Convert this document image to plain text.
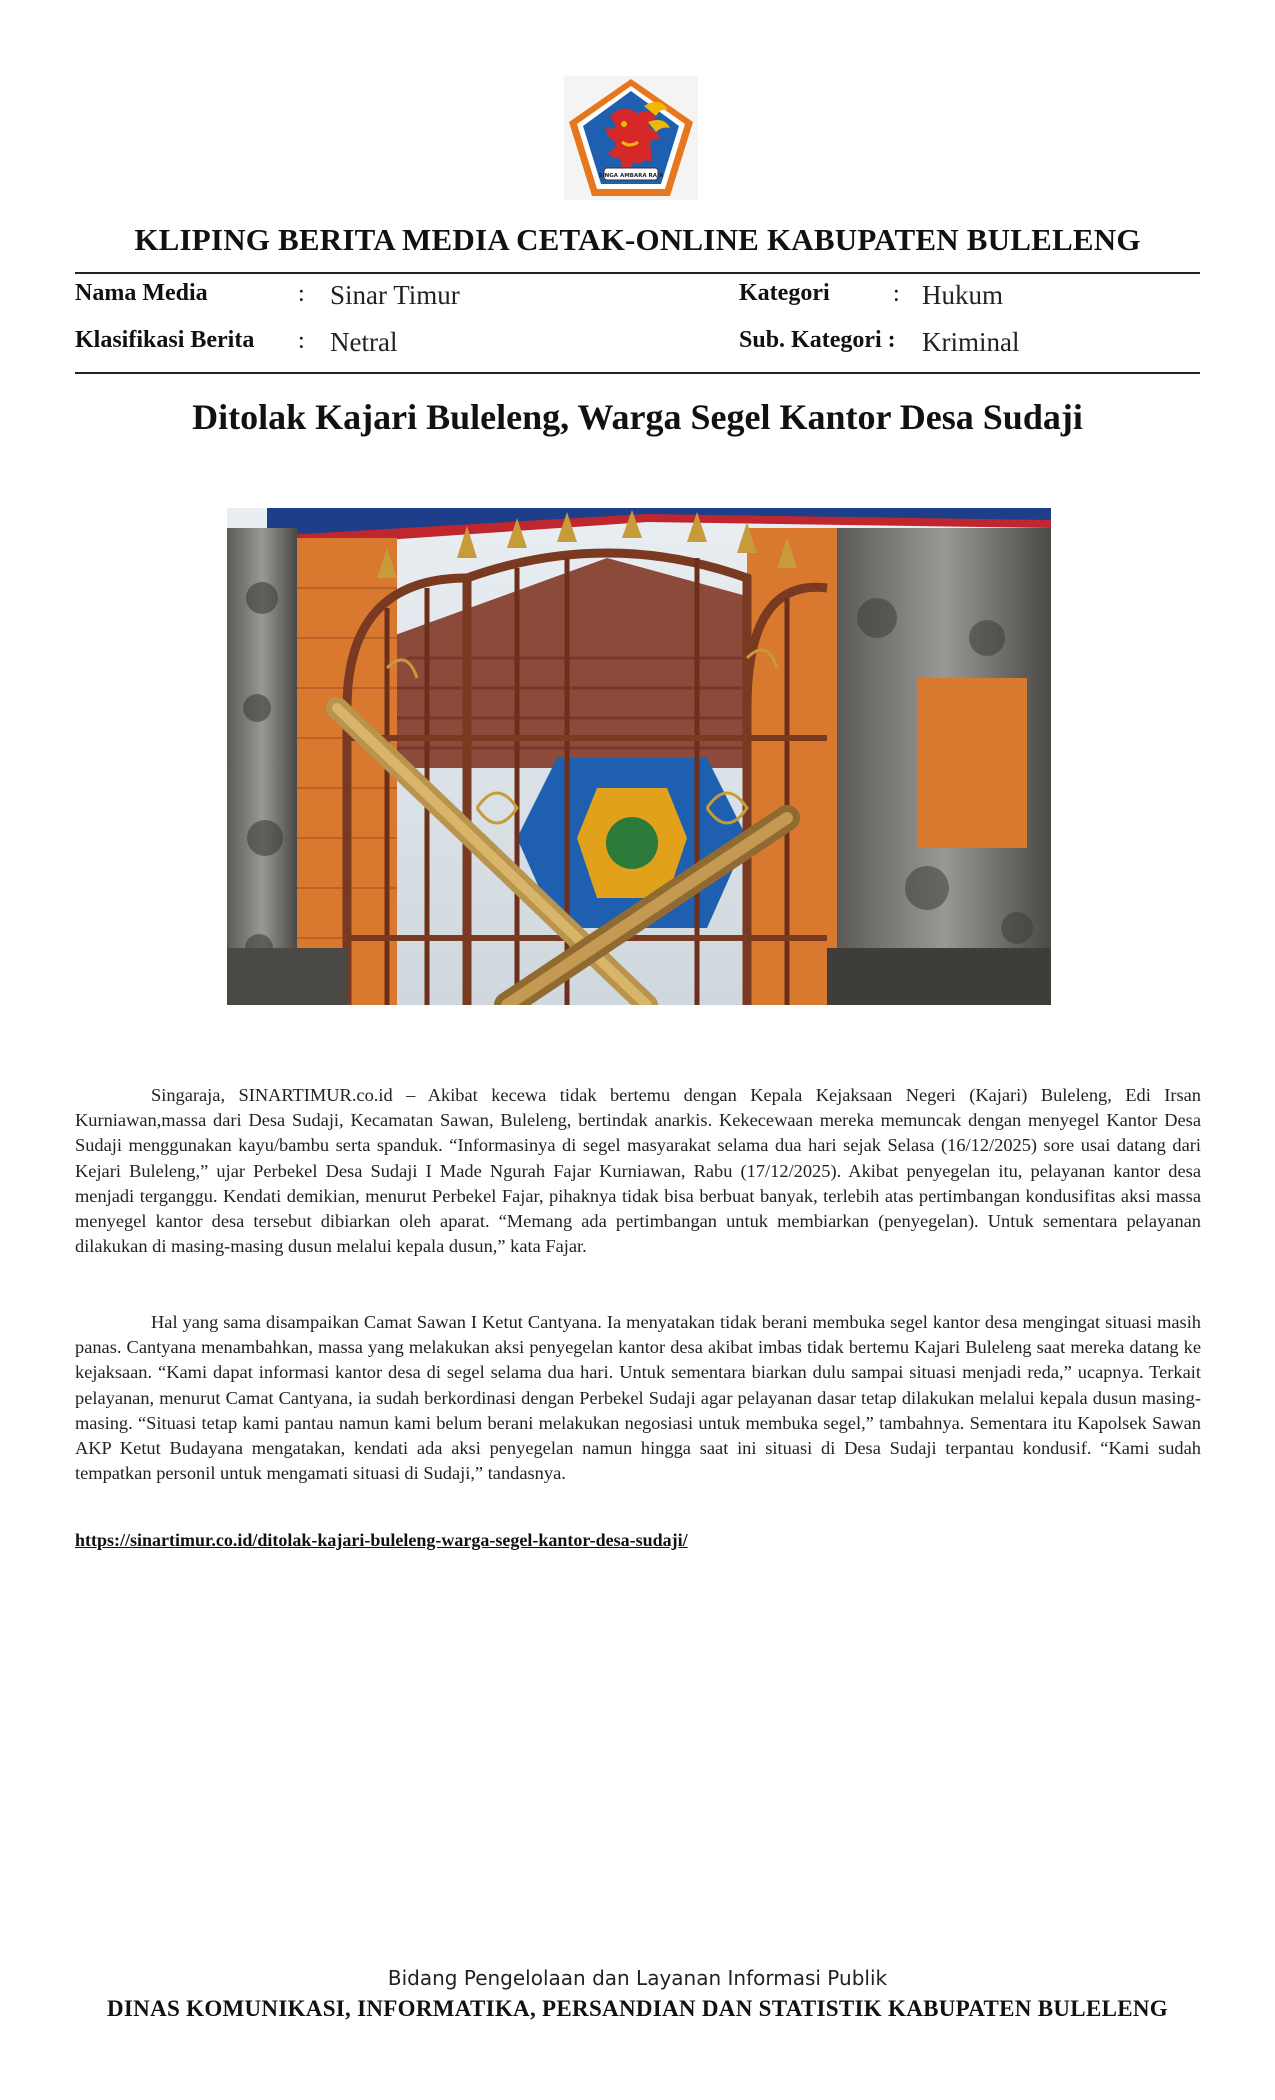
SINGA AMBARA RAJA
KLIPING BERITA MEDIA CETAK-ONLINE KABUPATEN BULELENG
Nama Media	: Sinar Timur
Klasifikasi Berita : Netral
Kategori	: Hukum
Sub. Kategori : Kriminal
Ditolak Kajari Buleleng, Warga Segel Kantor Desa Sudaji

Singaraja, SINARTIMUR.co.id – Akibat kecewa tidak bertemu dengan Kepala Kejaksaan Negeri (Kajari) Buleleng, Edi Irsan Kurniawan,massa dari Desa Sudaji, Kecamatan Sawan, Buleleng, bertindak anarkis. Kekecewaan mereka memuncak dengan menyegel Kantor Desa Sudaji menggunakan kayu/bambu serta spanduk. “Informasinya di segel masyarakat selama dua hari sejak Selasa (16/12/2025) sore usai datang dari Kejari Buleleng,” ujar Perbekel Desa Sudaji I Made Ngurah Fajar Kurniawan, Rabu (17/12/2025). Akibat penyegelan itu, pelayanan kantor desa menjadi terganggu. Kendati demikian, menurut Perbekel Fajar, pihaknya tidak bisa berbuat banyak, terlebih atas pertimbangan kondusifitas aksi massa menyegel kantor desa tersebut dibiarkan oleh aparat. “Memang ada pertimbangan untuk membiarkan (penyegelan). Untuk sementara pelayanan dilakukan di masing-masing dusun melalui kepala dusun,” kata Fajar.

Hal yang sama disampaikan Camat Sawan I Ketut Cantyana. Ia menyatakan tidak berani membuka segel kantor desa mengingat situasi masih panas. Cantyana menambahkan, massa yang melakukan aksi penyegelan kantor desa akibat imbas tidak bertemu Kajari Buleleng saat mereka datang ke kejaksaan. “Kami dapat informasi kantor desa di segel selama dua hari. Untuk sementara biarkan dulu sampai situasi menjadi reda,” ucapnya. Terkait pelayanan, menurut Camat Cantyana, ia sudah berkordinasi dengan Perbekel Sudaji agar pelayanan dasar tetap dilakukan melalui kepala dusun masing-masing. “Situasi tetap kami pantau namun kami belum berani melakukan negosiasi untuk membuka segel,” tambahnya. Sementara itu Kapolsek Sawan AKP Ketut Budayana mengatakan, kendati ada aksi penyegelan namun hingga saat ini situasi di Desa Sudaji terpantau kondusif. “Kami sudah tempatkan personil untuk mengamati situasi di Sudaji,” tandasnya.

https://sinartimur.co.id/ditolak-kajari-buleleng-warga-segel-kantor-desa-sudaji/
Bidang Pengelolaan dan Layanan Informasi Publik
DINAS KOMUNIKASI, INFORMATIKA, PERSANDIAN DAN STATISTIK KABUPATEN BULELENG
